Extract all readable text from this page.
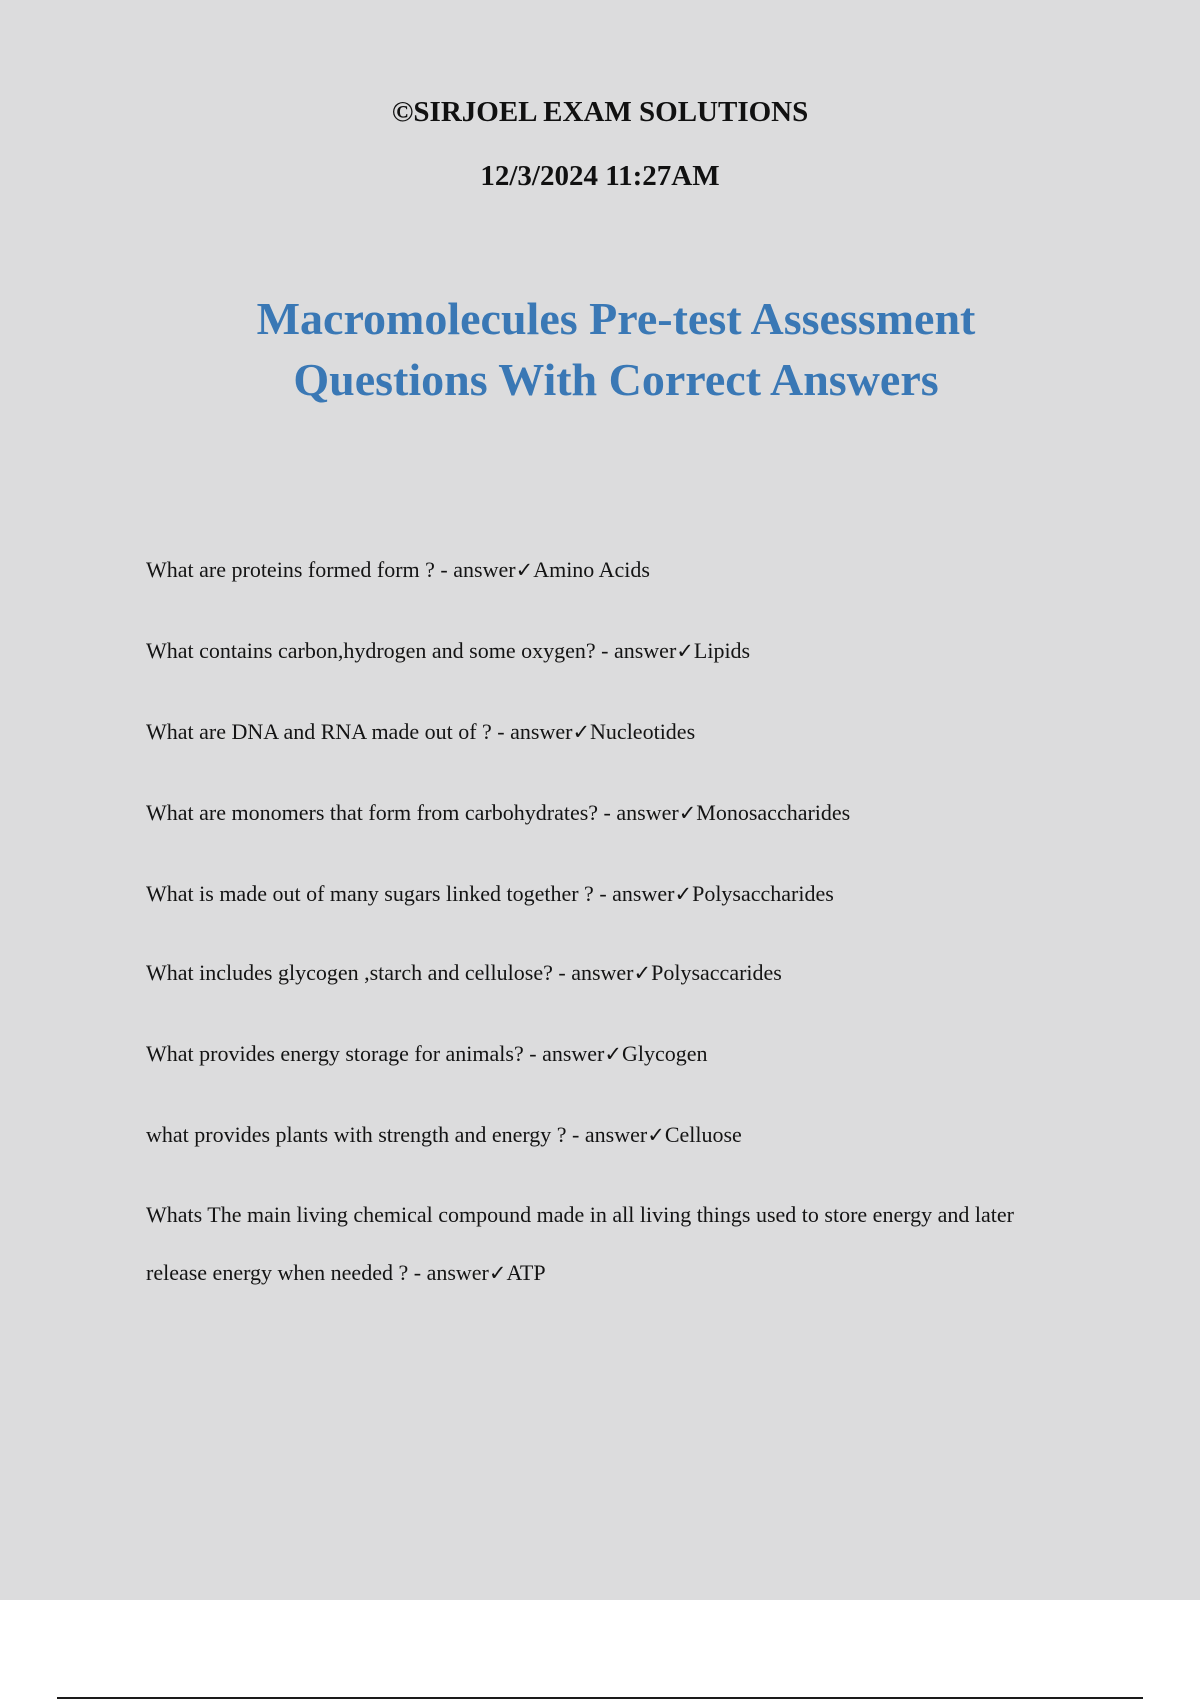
©SIRJOEL EXAM SOLUTIONS
12/3/2024 11:27AM
Macromolecules Pre-test Assessment
Questions With Correct Answers
What are proteins formed form ? - answer✓Amino Acids
What contains carbon,hydrogen and some oxygen? - answer✓Lipids
What are DNA and RNA made out of ? - answer✓Nucleotides
What are monomers that form from carbohydrates? - answer✓Monosaccharides
What is made out of many sugars linked together ? - answer✓Polysaccharides
What includes glycogen ,starch and cellulose? - answer✓Polysaccarides
What provides energy storage for animals? - answer✓Glycogen
what provides plants with strength and energy ? - answer✓Celluose
Whats The main living chemical compound made in all living things used to store energy and later release energy when needed ? - answer✓ATP
